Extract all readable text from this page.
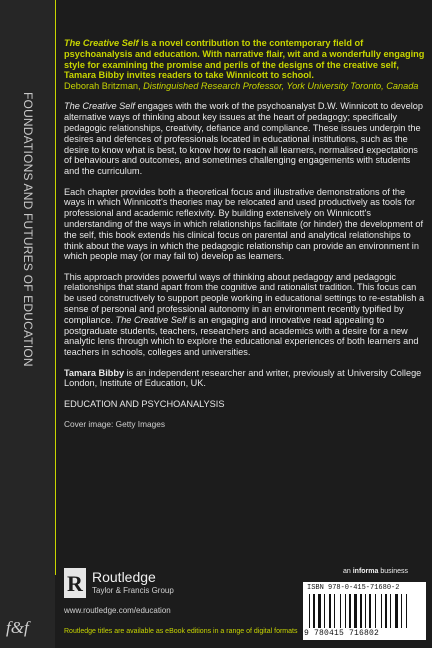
FOUNDATIONS AND FUTURES OF EDUCATION
f&f

The Creative Self is a novel contribution to the contemporary field of psychoanalysis and education. With narrative flair, wit and a wonderfully engaging style for examining the promise and perils of the designs of the creative self, Tamara Bibby invites readers to take Winnicott to school.
Deborah Britzman, Distinguished Research Professor, York University Toronto, Canada

The Creative Self engages with the work of the psychoanalyst D.W. Winnicott to develop alternative ways of thinking about key issues at the heart of pedagogy; specifically pedagogic relationships, creativity, defiance and compliance. These issues underpin the desires and defences of professionals located in educational institutions, such as the desire to know what is best, to know how to reach all learners, normalised expectations of behaviours and outcomes, and sometimes challenging engagements with students and the curriculum.

Each chapter provides both a theoretical focus and illustrative demonstrations of the ways in which Winnicott's theories may be relocated and used productively as tools for professional and academic reflexivity. By building extensively on Winnicott's understanding of the ways in which relationships facilitate (or hinder) the development of the self, this book extends his clinical focus on parental and analytical relationships to think about the ways in which the pedagogic relationship can provide an environment in which people may (or may fail to) develop as learners.

This approach provides powerful ways of thinking about pedagogy and pedagogic relationships that stand apart from the cognitive and rationalist tradition. This focus can be used constructively to support people working in educational settings to re-establish a sense of personal and professional autonomy in an environment recently typified by compliance. The Creative Self is an engaging and innovative read appealing to postgraduate students, teachers, researchers and academics with a desire for a new analytic lens through which to explore the educational experiences of both learners and teachers in schools, colleges and universities.

Tamara Bibby is an independent researcher and writer, previously at University College London, Institute of Education, UK.

EDUCATION AND PSYCHOANALYSIS

Cover image: Getty Images

R Routledge
Taylor & Francis Group
www.routledge.com/education
Routledge titles are available as eBook editions in a range of digital formats
an informa business
ISBN 978-0-415-71680-2
9 780415 716802
